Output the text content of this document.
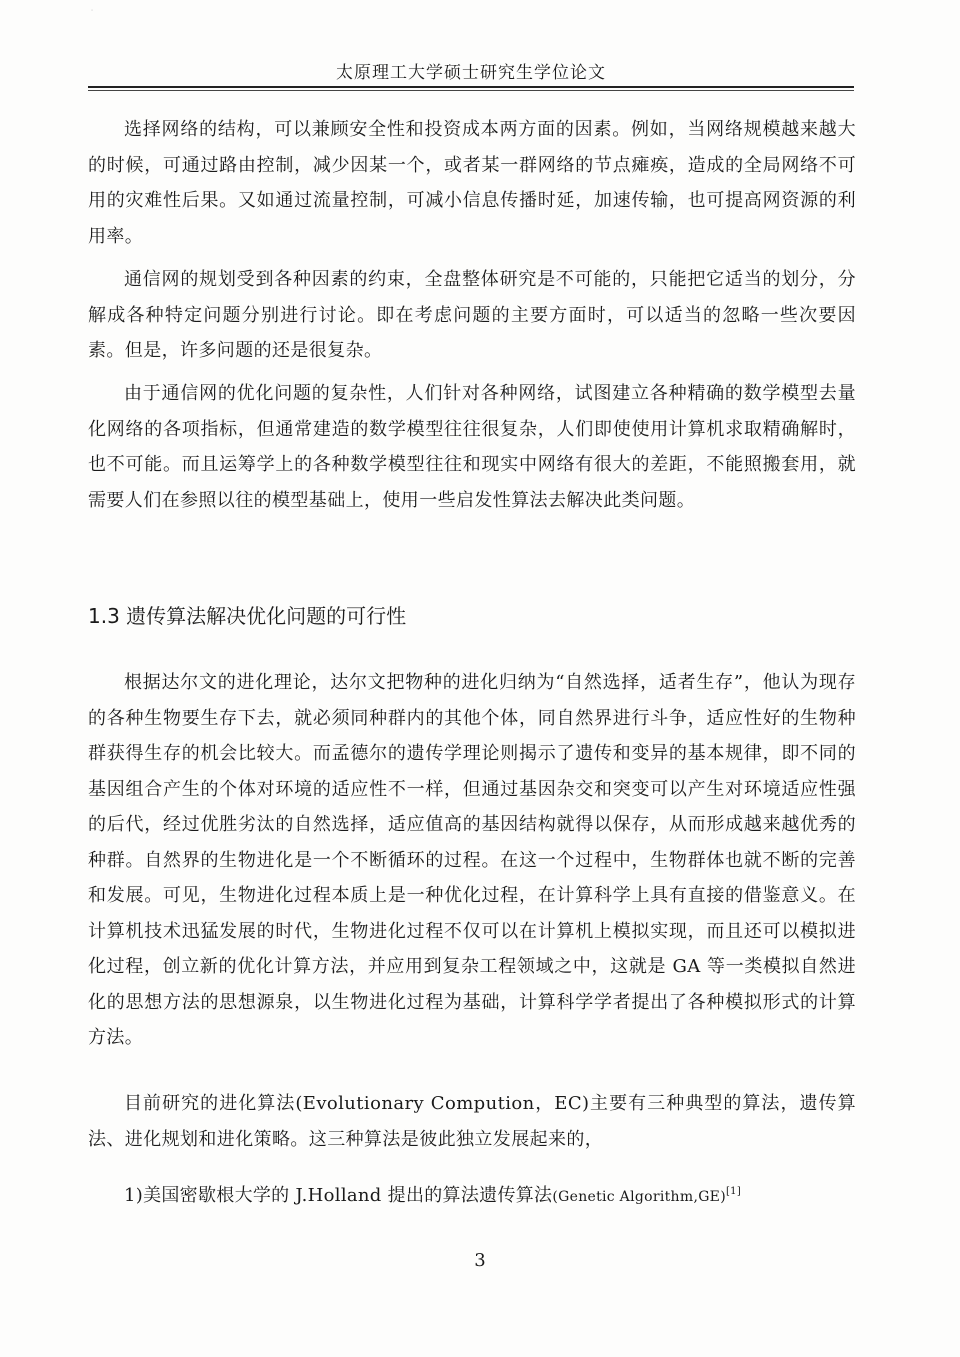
·
太原理工大学硕士研究生学位论文

选择网络的结构，可以兼顾安全性和投资成本两方面的因素。例如，当网络规模越来越大的时候，可通过路由控制，减少因某一个，或者某一群网络的节点瘫痪，造成的全局网络不可用的灾难性后果。又如通过流量控制，可减小信息传播时延，加速传输，也可提高网资源的利用率。

通信网的规划受到各种因素的约束，全盘整体研究是不可能的，只能把它适当的划分，分解成各种特定问题分别进行讨论。即在考虑问题的主要方面时，可以适当的忽略一些次要因素。但是，许多问题的还是很复杂。

由于通信网的优化问题的复杂性，人们针对各种网络，试图建立各种精确的数学模型去量化网络的各项指标，但通常建造的数学模型往往很复杂，人们即使使用计算机求取精确解时，也不可能。而且运筹学上的各种数学模型往往和现实中网络有很大的差距，不能照搬套用，就需要人们在参照以往的模型基础上，使用一些启发性算法去解决此类问题。

1.3 遗传算法解决优化问题的可行性

根据达尔文的进化理论，达尔文把物种的进化归纳为“自然选择，适者生存”，他认为现存的各种生物要生存下去，就必须同种群内的其他个体，同自然界进行斗争，适应性好的生物种群获得生存的机会比较大。而孟德尔的遗传学理论则揭示了遗传和变异的基本规律，即不同的基因组合产生的个体对环境的适应性不一样，但通过基因杂交和突变可以产生对环境适应性强的后代，经过优胜劣汰的自然选择，适应值高的基因结构就得以保存，从而形成越来越优秀的种群。自然界的生物进化是一个不断循环的过程。在这一个过程中，生物群体也就不断的完善和发展。可见，生物进化过程本质上是一种优化过程，在计算科学上具有直接的借鉴意义。在计算机技术迅猛发展的时代，生物进化过程不仅可以在计算机上模拟实现，而且还可以模拟进化过程，创立新的优化计算方法，并应用到复杂工程领域之中，这就是 GA 等一类模拟自然进化的思想方法的思想源泉，以生物进化过程为基础，计算科学学者提出了各种模拟形式的计算方法。

目前研究的进化算法(Evolutionary Compution，EC)主要有三种典型的算法，遗传算法、进化规划和进化策略。这三种算法是彼此独立发展起来的，

1)美国密歇根大学的 J.Holland 提出的算法遗传算法(Genetic Algorithm,GE)[1]

3
